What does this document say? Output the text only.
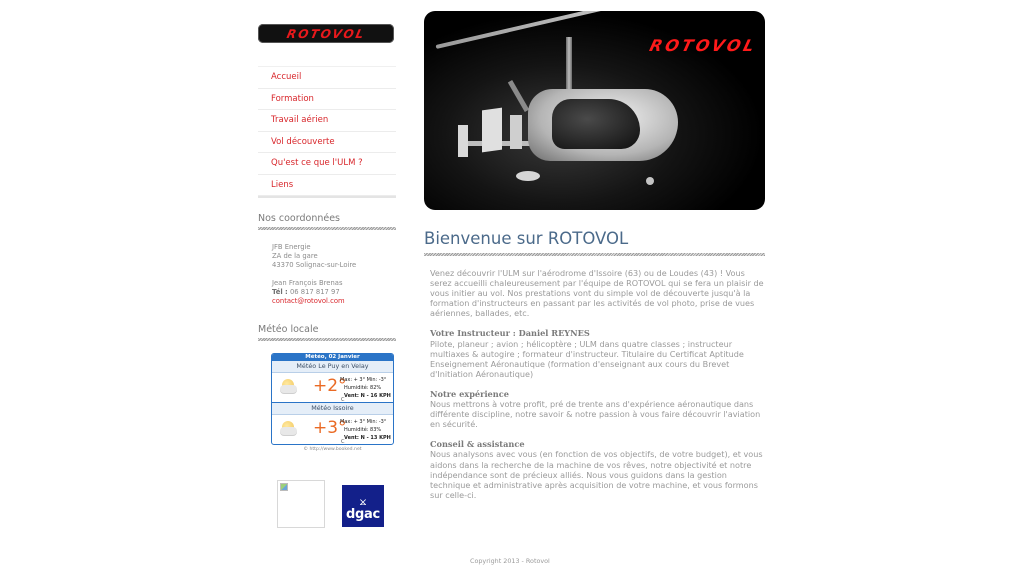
ROTOVOL
Accueil
Formation
Travail aérien
Vol découverte
Qu'est ce que l'ULM ?
Liens
Nos coordonnées
JFB Energie
ZA de la gare
43370 Solignac-sur-Loire
Jean François Brenas
Tél : 06 817 817 97
contact@rotovol.com
Météo locale
Météo, 02 Janvier
Météo Le Puy en Velay
+2°
C
Max: + 3° Min: -3°
Humidité: 82%
Vent: N - 16 KPH
Météo Issoire
+3°
C
Max: + 3° Min: -3°
Humidité: 83%
Vent: N - 13 KPH
© http://www.booked.net
⨲
dgac
ROTOVOL
Bienvenue sur ROTOVOL

Venez découvrir l'ULM sur l'aérodrome d'Issoire (63) ou de Loudes (43) ! Vous serez accueilli chaleureusement par l'équipe de ROTOVOL qui se fera un plaisir de vous initier au vol. Nos prestations vont du simple vol de découverte jusqu'à la formation d'instructeurs en passant par les activités de vol photo, prise de vues aériennes, ballades, etc.

Votre Instructeur : Daniel REYNES

Pilote, planeur ; avion ; hélicoptère ; ULM dans quatre classes ; instructeur multiaxes & autogire ; formateur d'instructeur. Titulaire du Certificat Aptitude Enseignement Aéronautique (formation d'enseignant aux cours du Brevet d'Initiation Aéronautique)

Notre expérience

Nous mettrons à votre profit, pré de trente ans d'expérience aéronautique dans différente discipline, notre savoir & notre passion à vous faire découvrir l'aviation en sécurité.

Conseil & assistance

Nous analysons avec vous (en fonction de vos objectifs, de votre budget), et vous aidons dans la recherche de la machine de vos rêves, notre objectivité et notre indépendance sont de précieux alliés. Nous vous guidons dans la gestion technique et administrative après acquisition de votre machine, et vous formons sur celle-ci.

Copyright 2013 - Rotovol
